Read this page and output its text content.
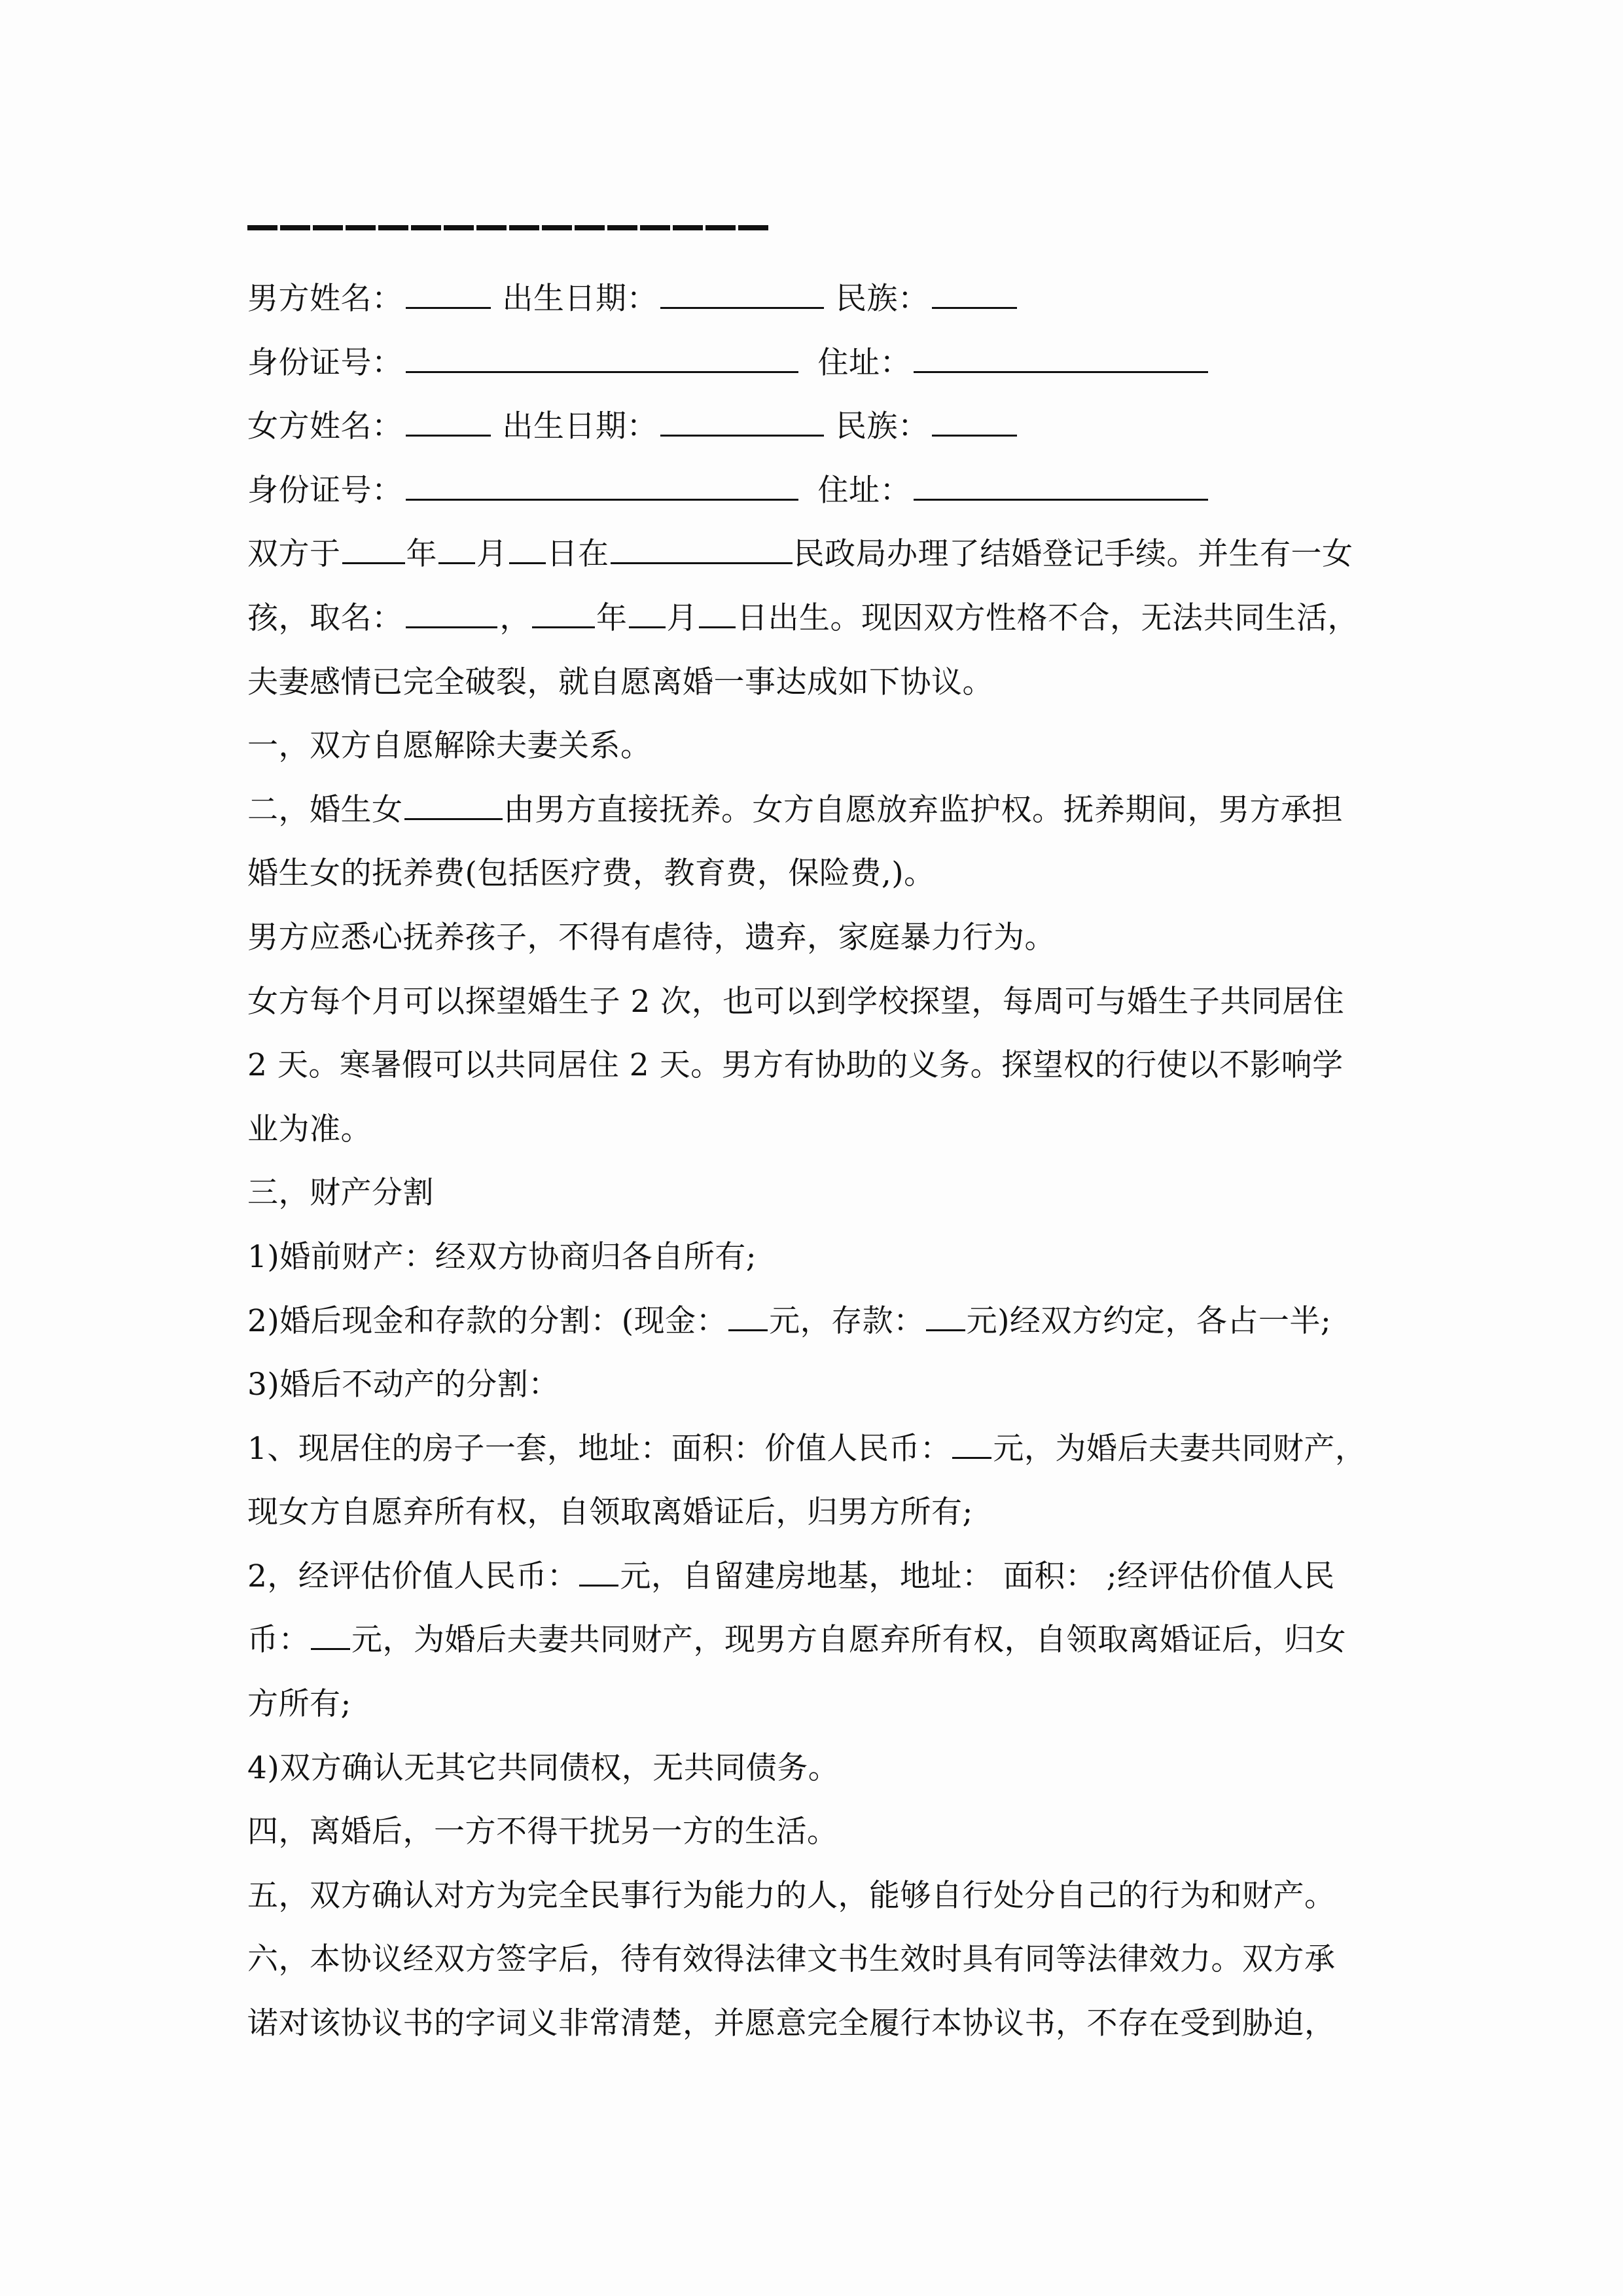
男方姓名：	出生日期：	民族：
身份证号：	住址：
女方姓名：	出生日期：	民族：
身份证号：	住址：
双方于 年 月 日在	民政局办理了结婚登记手续。并生有一女
孩，取名：	， 年 月 日出生。现因双方性格不合，无法共同生活，
夫妻感情已完全破裂，就自愿离婚一事达成如下协议。
一，双方自愿解除夫妻关系。
二，婚生女	由男方直接抚养。女方自愿放弃监护权。抚养期间，男方承担
婚生女的抚养费(包括医疗费，教育费，保险费,)。
男方应悉心抚养孩子，不得有虐待，遗弃，家庭暴力行为。
女方每个月可以探望婚生子 2 次，也可以到学校探望，每周可与婚生子共同居住
2 天。寒暑假可以共同居住 2 天。男方有协助的义务。探望权的行使以不影响学
业为准。
三，财产分割
1)婚前财产：经双方协商归各自所有;
2)婚后现金和存款的分割：(现金： 元，存款： 元)经双方约定，各占一半;
3)婚后不动产的分割：
1、现居住的房子一套，地址：面积：价值人民币： 元，为婚后夫妻共同财产，
现女方自愿弃所有权，自领取离婚证后，归男方所有;
2，经评估价值人民币： 元，自留建房地基，地址： 面积： ;经评估价值人民
币： 元，为婚后夫妻共同财产，现男方自愿弃所有权，自领取离婚证后，归女
方所有;
4)双方确认无其它共同债权，无共同债务。
四，离婚后，一方不得干扰另一方的生活。
五，双方确认对方为完全民事行为能力的人，能够自行处分自己的行为和财产。
六，本协议经双方签字后，待有效得法律文书生效时具有同等法律效力。双方承
诺对该协议书的字词义非常清楚，并愿意完全履行本协议书，不存在受到胁迫，
